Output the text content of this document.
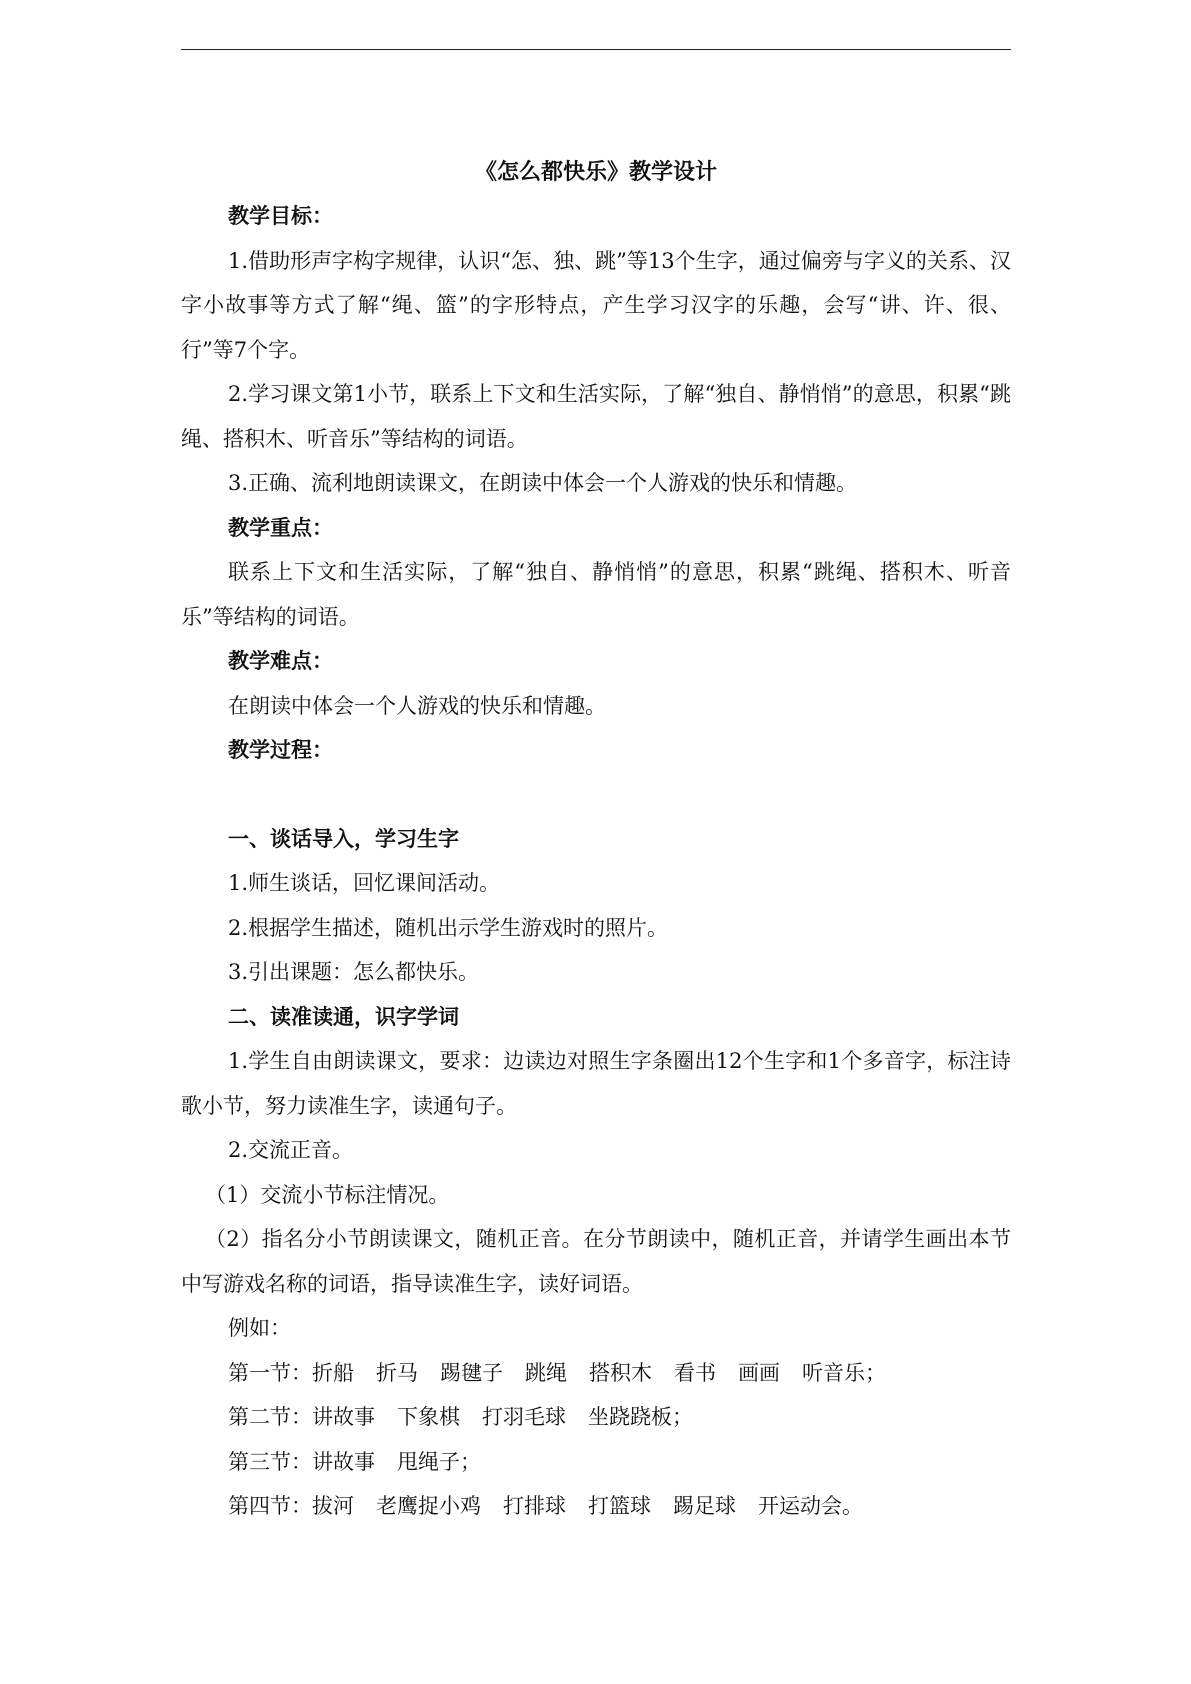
《怎么都快乐》教学设计

教学目标：

1.借助形声字构字规律，认识“怎、独、跳”等13个生字，通过偏旁与字义的关系、汉字小故事等方式了解“绳、篮”的字形特点，产生学习汉字的乐趣，会写“讲、许、很、行”等7个字。

2.学习课文第1小节，联系上下文和生活实际，了解“独自、静悄悄”的意思，积累“跳绳、搭积木、听音乐”等结构的词语。

3.正确、流利地朗读课文，在朗读中体会一个人游戏的快乐和情趣。

教学重点：

联系上下文和生活实际，了解“独自、静悄悄”的意思，积累“跳绳、搭积木、听音乐”等结构的词语。

教学难点：

在朗读中体会一个人游戏的快乐和情趣。

教学过程：

一、谈话导入，学习生字

1.师生谈话，回忆课间活动。

2.根据学生描述，随机出示学生游戏时的照片。

3.引出课题：怎么都快乐。

二、读准读通，识字学词

1.学生自由朗读课文，要求：边读边对照生字条圈出12个生字和1个多音字，标注诗歌小节，努力读准生字，读通句子。

2.交流正音。

（1）交流小节标注情况。

（2）指名分小节朗读课文，随机正音。在分节朗读中，随机正音，并请学生画出本节中写游戏名称的词语，指导读准生字，读好词语。

例如：

第一节：折船 折马 踢毽子 跳绳 搭积木 看书 画画 听音乐；
第二节：讲故事 下象棋 打羽毛球 坐跷跷板；
第三节：讲故事 甩绳子；
第四节：拔河 老鹰捉小鸡 打排球 打篮球 踢足球 开运动会。
